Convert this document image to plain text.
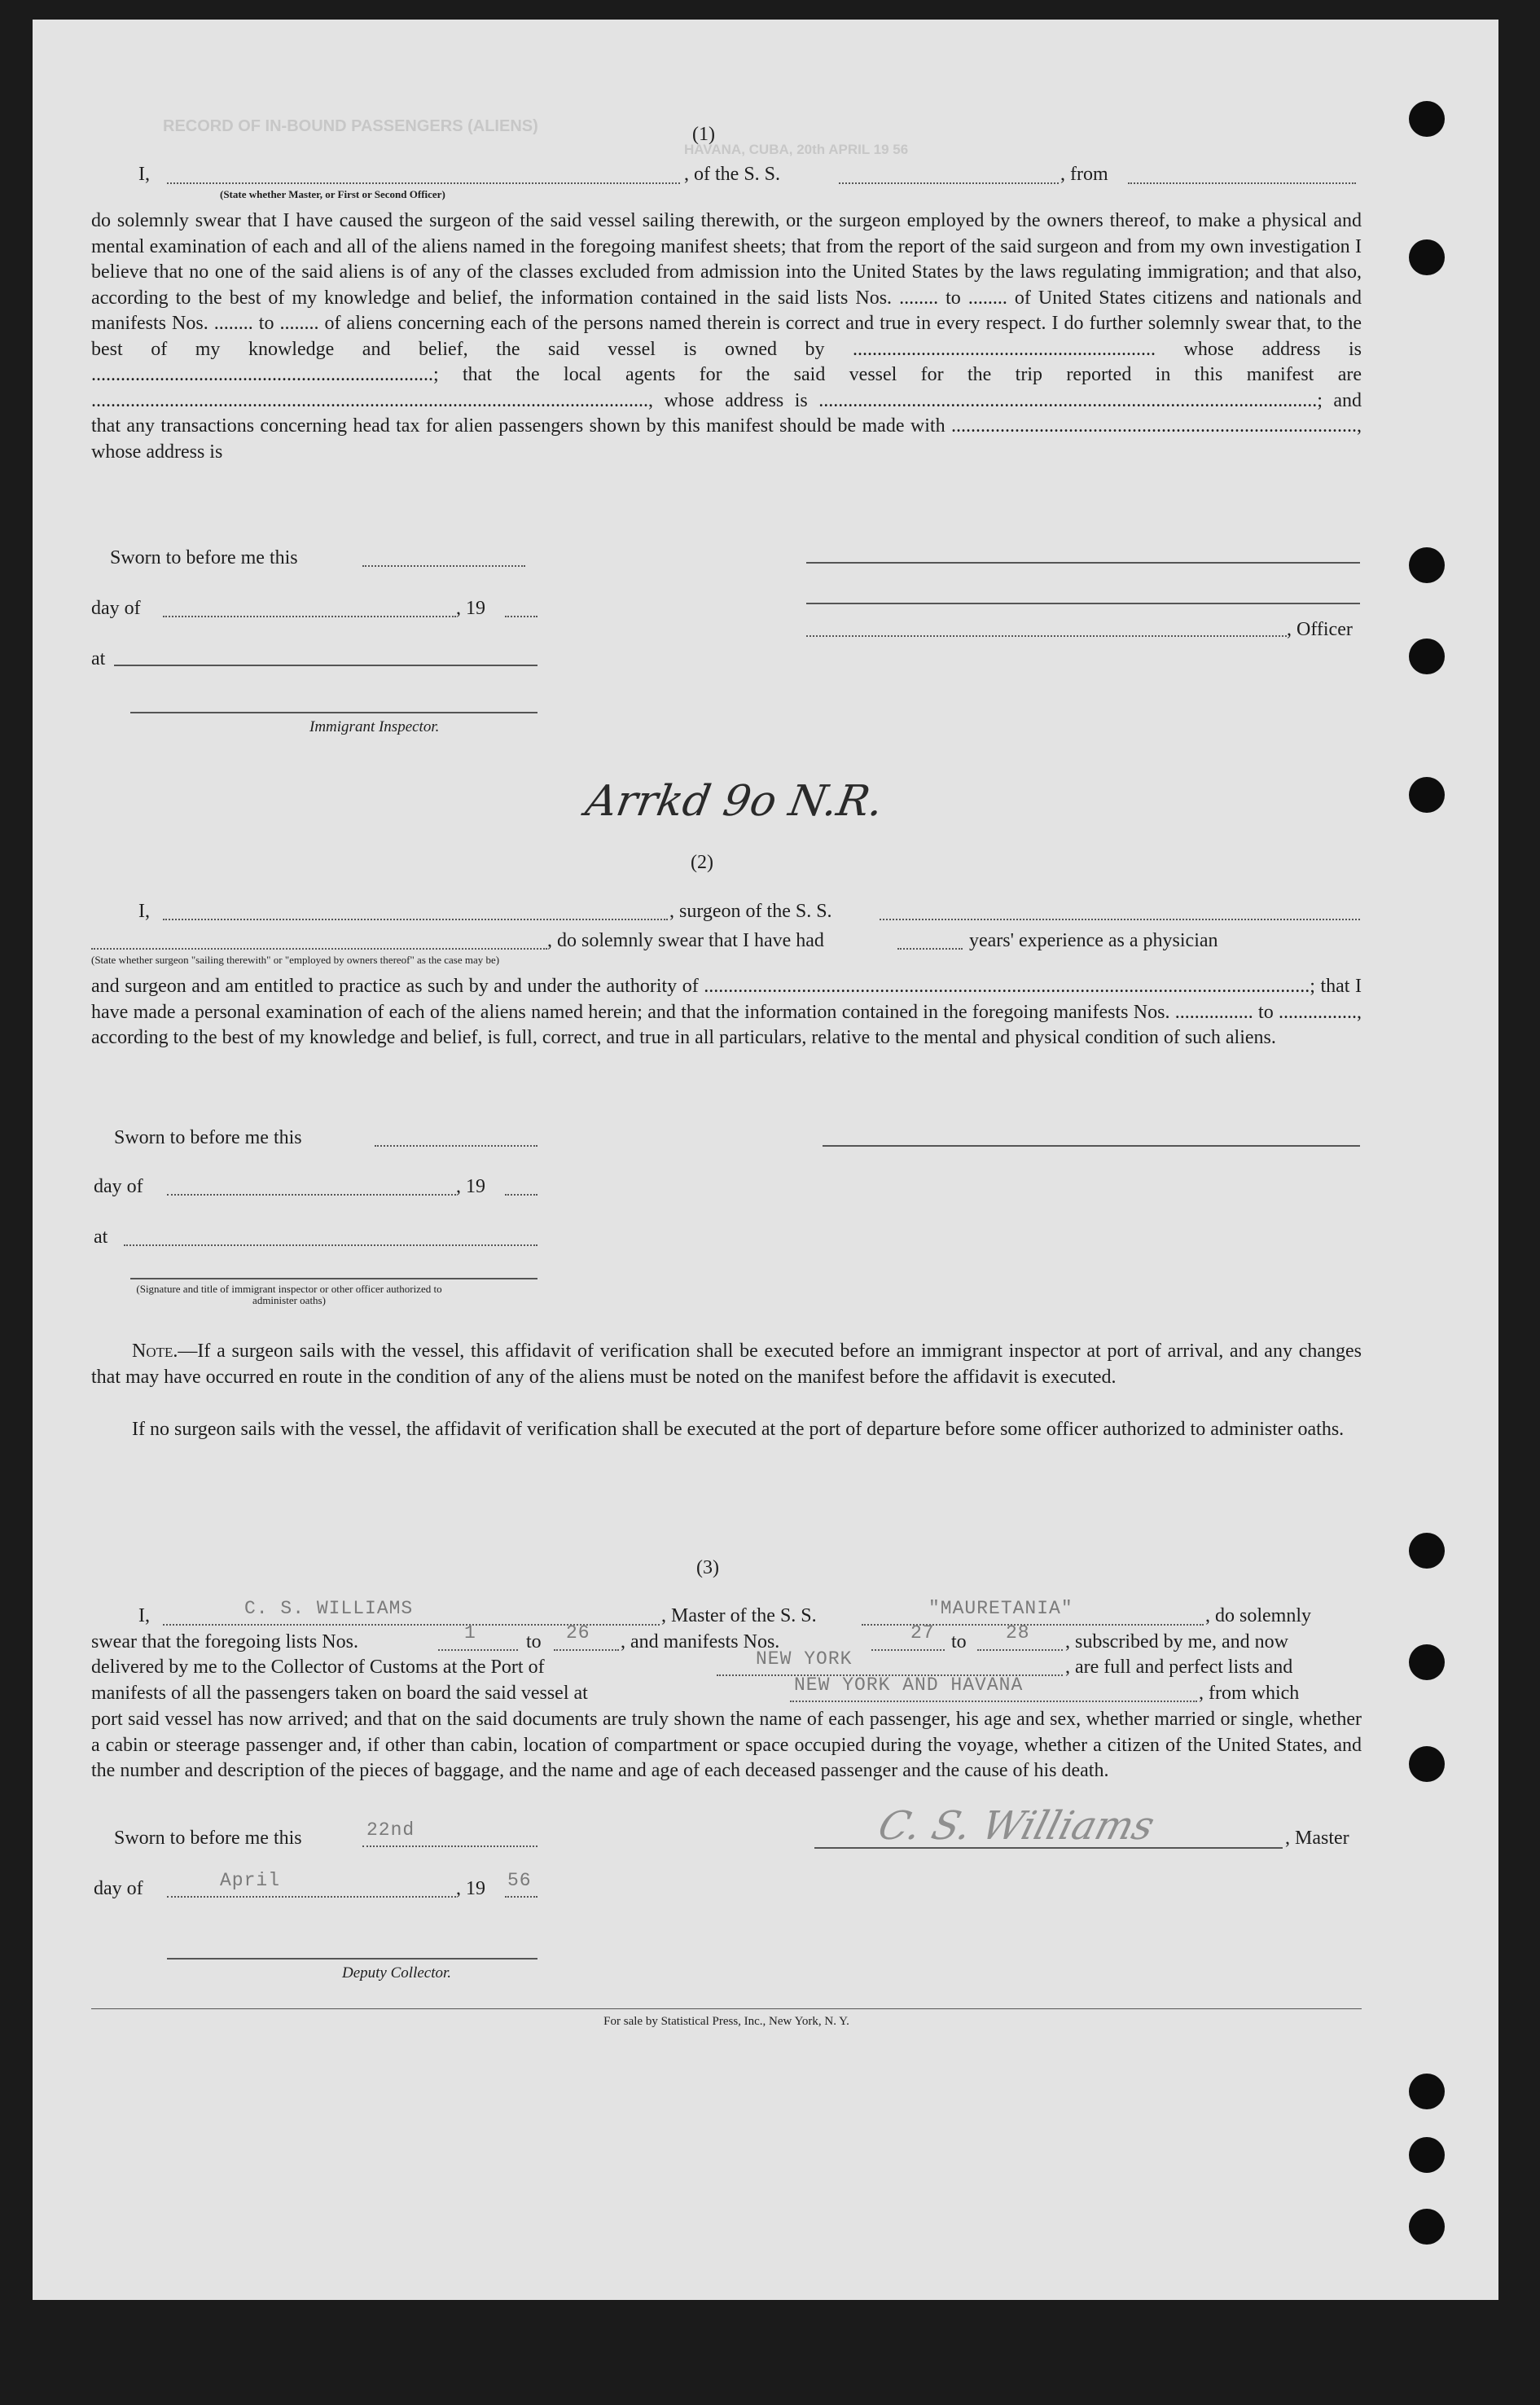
RECORD OF IN-BOUND PASSENGERS (ALIENS)
HAVANA, CUBA, 20th APRIL 19 56
(1)
I,	, of the S. S.	, from
(State whether Master, or First or Second Officer)
do solemnly swear that I have caused the surgeon of the said vessel sailing therewith, or the surgeon employed by the owners thereof, to make a physical and mental examination of each and all of the aliens named in the foregoing manifest sheets; that from the report of the said surgeon and from my own investigation I believe that no one of the said aliens is of any of the classes excluded from admission into the United States by the laws regulating immigration; and that also, according to the best of my knowledge and belief, the information contained in the said lists Nos. ........ to ........ of United States citizens and nationals and manifests Nos. ........ to ........ of aliens concerning each of the persons named therein is correct and true in every respect. I do further solemnly swear that, to the best of my knowledge and belief, the said vessel is owned by .............................................................. whose address is ......................................................................; that the local agents for the said vessel for the trip reported in this manifest are .................................................................................................................., whose address is ......................................................................................................; and that any transactions concerning head tax for alien passengers shown by this manifest should be made with ..................................................................................., whose address is
Sworn to before me this
day of	, 19
at
Immigrant Inspector.
, Officer
Arrkd 9o N.R.
(2)
I,	, surgeon of the S. S.
, do solemnly swear that I have had	years' experience as a physician
(State whether surgeon "sailing therewith" or "employed by owners thereof" as the case may be)
and surgeon and am entitled to practice as such by and under the authority of ............................................................................................................................; that I have made a personal examination of each of the aliens named herein; and that the information contained in the foregoing manifests Nos. ................ to ................, according to the best of my knowledge and belief, is full, correct, and true in all particulars, relative to the mental and physical condition of such aliens.
Sworn to before me this
day of	, 19
at
(Signature and title of immigrant inspector or other officer authorized to administer oaths)
Note.—If a surgeon sails with the vessel, this affidavit of verification shall be executed before an immigrant inspector at port of arrival, and any changes that may have occurred en route in the condition of any of the aliens must be noted on the manifest before the affidavit is executed.
If no surgeon sails with the vessel, the affidavit of verification shall be executed at the port of departure before some officer authorized to administer oaths.
(3)
I,	C. S. WILLIAMS	, Master of the S. S.	"MAURETANIA"	, do solemnly
swear that the foregoing lists Nos.	1	to 26 , and manifests Nos.	27 to 28 , subscribed by me, and now
delivered by me to the Collector of Customs at the Port of	NEW YORK	, are full and perfect lists and
manifests of all the passengers taken on board the said vessel at	NEW YORK AND HAVANA	, from which
port said vessel has now arrived; and that on the said documents are truly shown the name of each passenger, his age and sex, whether married or single, whether a cabin or steerage passenger and, if other than cabin, location of compartment or space occupied during the voyage, whether a citizen of the United States, and the number and description of the pieces of baggage, and the name and age of each deceased passenger and the cause of his death.
Sworn to before me this	22nd
day of	April	, 19 56
Deputy Collector.
C. S. Williams	, Master
For sale by Statistical Press, Inc., New York, N. Y.
